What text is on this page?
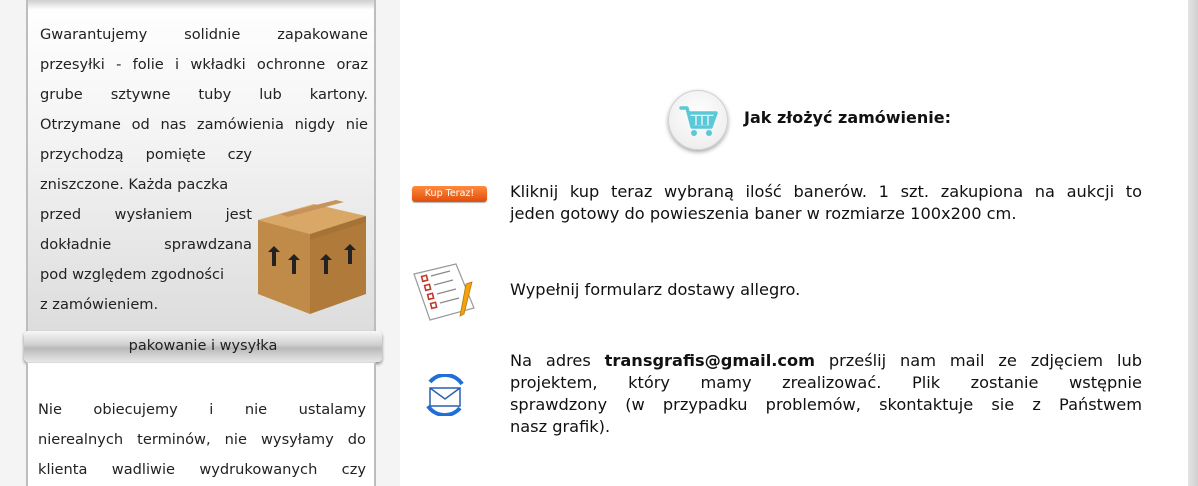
Gwarantujemy solidnie zapakowane
przesyłki - folie i wkładki ochronne oraz
grube sztywne tuby lub kartony.
Otrzymane od nas zamówienia nigdy nie
przychodzą pomięte czy
zniszczone. Każda paczka
przed wysłaniem jest
dokładnie sprawdzana
pod względem zgodności
z zamówieniem.
pakowanie i wysyłka
Nie obiecujemy i nie ustalamy
nierealnych terminów, nie wysyłamy do
klienta wadliwie wydrukowanych czy
Jak złożyć zamówienie:
Kup Teraz!	Kliknij kup teraz wybraną ilość banerów. 1 szt. zakupiona na aukcji to
jeden gotowy do powieszenia baner w rozmiarze 100x200 cm.
Wypełnij formularz dostawy allegro.
Na adres transgrafis@gmail.com prześlij nam mail ze zdjęciem lub
projektem, który mamy zrealizować. Plik zostanie wstępnie
sprawdzony (w przypadku problemów, skontaktuje sie z Państwem
nasz grafik).
